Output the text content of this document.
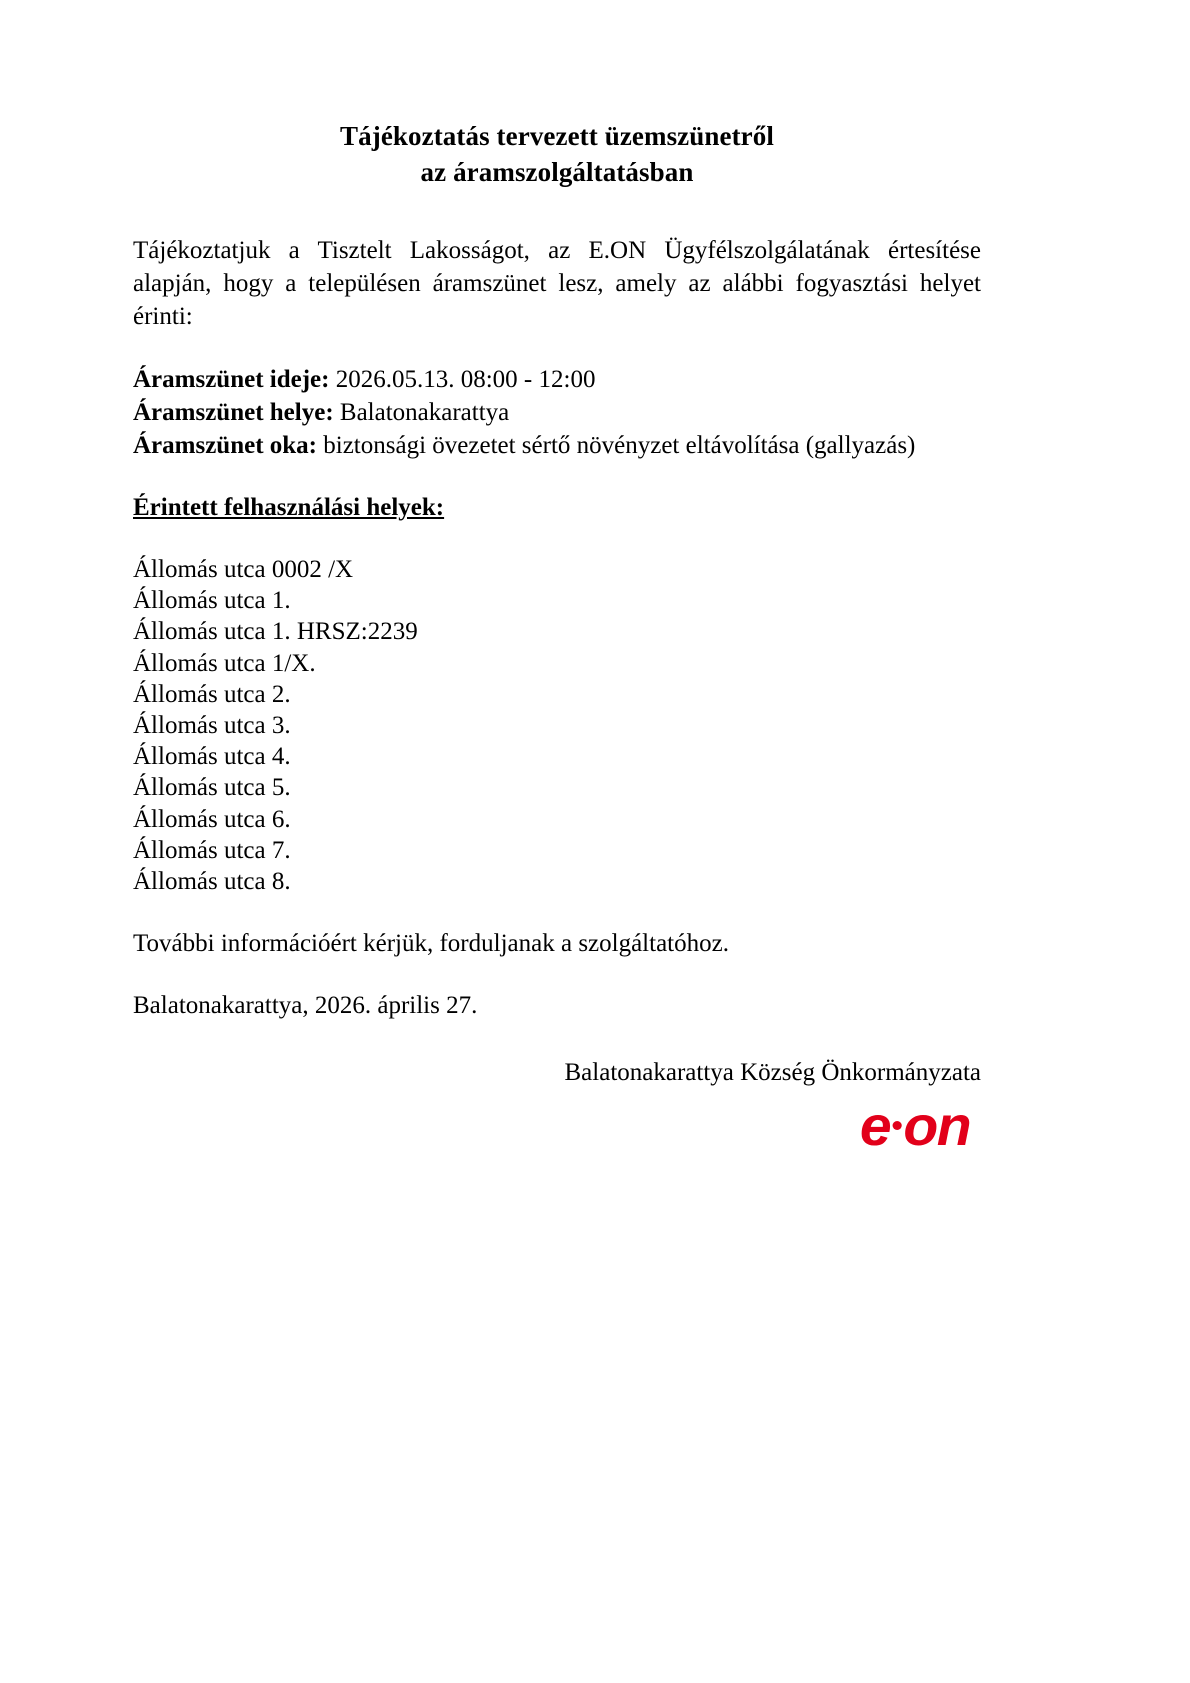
Tájékoztatás tervezett üzemszünetről
az áramszolgáltatásban

Tájékoztatjuk a Tisztelt Lakosságot, az E.ON Ügyfélszolgálatának értesítése alapján, hogy a településen áramszünet lesz, amely az alábbi fogyasztási helyet érinti:

Áramszünet ideje: 2026.05.13. 08:00 - 12:00
Áramszünet helye: Balatonakarattya
Áramszünet oka: biztonsági övezetet sértő növényzet eltávolítása (gallyazás)

Érintett felhasználási helyek:

Állomás utca 0002 /X
Állomás utca 1.
Állomás utca 1. HRSZ:2239
Állomás utca 1/X.
Állomás utca 2.
Állomás utca 3.
Állomás utca 4.
Állomás utca 5.
Állomás utca 6.
Állomás utca 7.
Állomás utca 8.

További információért kérjük, forduljanak a szolgáltatóhoz.

Balatonakarattya, 2026. április 27.

Balatonakarattya Község Önkormányzata

e on
